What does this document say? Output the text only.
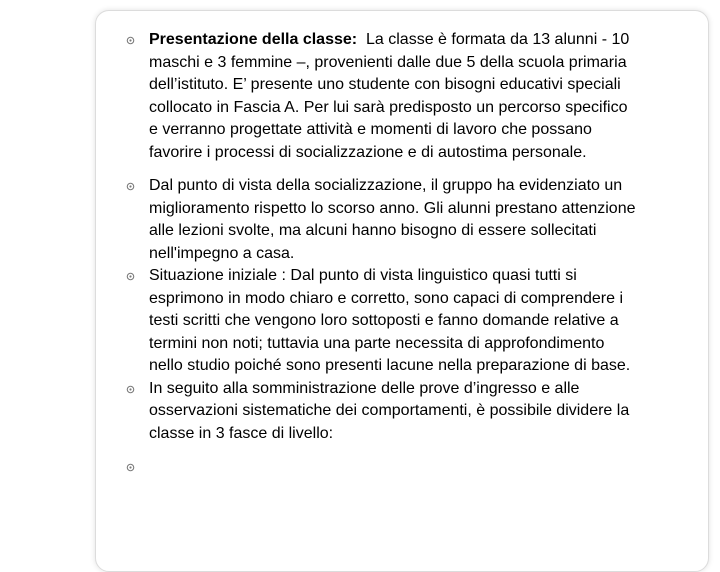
Presentazione della classe:  La classe è formata da 13 alunni - 10
maschi e 3 femmine –, provenienti dalle due 5 della scuola primaria
dell’istituto. E’ presente uno studente con bisogni educativi speciali
collocato in Fascia A. Per lui sarà predisposto un percorso specifico
e verranno progettate attività e momenti di lavoro che possano
favorire i processi di socializzazione e di autostima personale.
Dal punto di vista della socializzazione, il gruppo ha evidenziato un
miglioramento rispetto lo scorso anno. Gli alunni prestano attenzione
alle lezioni svolte, ma alcuni hanno bisogno di essere sollecitati
nell'impegno a casa.
Situazione iniziale : Dal punto di vista linguistico quasi tutti si
esprimono in modo chiaro e corretto, sono capaci di comprendere i
testi scritti che vengono loro sottoposti e fanno domande relative a
termini non noti; tuttavia una parte necessita di approfondimento
nello studio poiché sono presenti lacune nella preparazione di base.
In seguito alla somministrazione delle prove d’ingresso e alle
osservazioni sistematiche dei comportamenti, è possibile dividere la
classe in 3 fasce di livello:
